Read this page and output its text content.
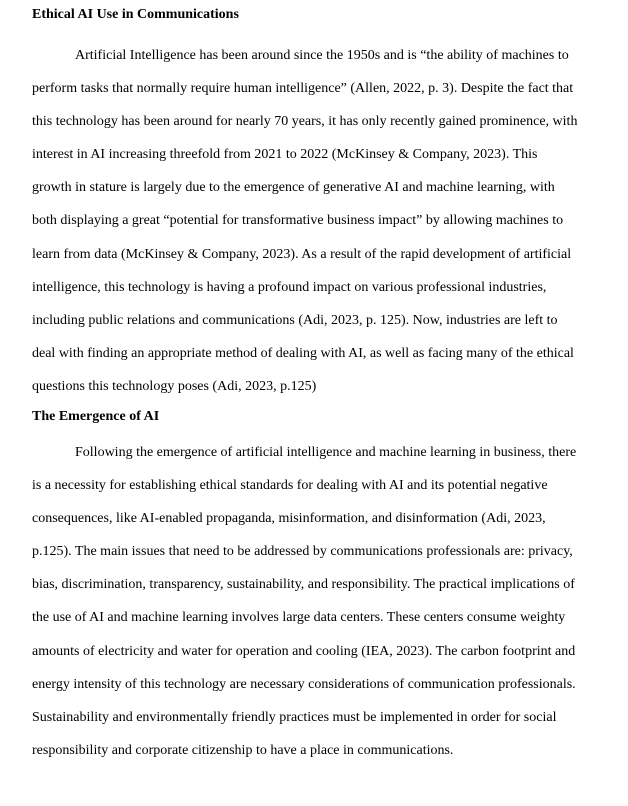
Ethical AI Use in Communications
Artificial Intelligence has been around since the 1950s and is “the ability of machines to
perform tasks that normally require human intelligence” (Allen, 2022, p. 3). Despite the fact that
this technology has been around for nearly 70 years, it has only recently gained prominence, with
interest in AI increasing threefold from 2021 to 2022 (McKinsey & Company, 2023). This
growth in stature is largely due to the emergence of generative AI and machine learning, with
both displaying a great “potential for transformative business impact” by allowing machines to
learn from data (McKinsey & Company, 2023). As a result of the rapid development of artificial
intelligence, this technology is having a profound impact on various professional industries,
including public relations and communications (Adi, 2023, p. 125). Now, industries are left to
deal with finding an appropriate method of dealing with AI, as well as facing many of the ethical
questions this technology poses (Adi, 2023, p.125)
The Emergence of AI
Following the emergence of artificial intelligence and machine learning in business, there
is a necessity for establishing ethical standards for dealing with AI and its potential negative
consequences, like AI-enabled propaganda, misinformation, and disinformation (Adi, 2023,
p.125). The main issues that need to be addressed by communications professionals are: privacy,
bias, discrimination, transparency, sustainability, and responsibility. The practical implications of
the use of AI and machine learning involves large data centers. These centers consume weighty
amounts of electricity and water for operation and cooling (IEA, 2023). The carbon footprint and
energy intensity of this technology are necessary considerations of communication professionals.
Sustainability and environmentally friendly practices must be implemented in order for social
responsibility and corporate citizenship to have a place in communications.
